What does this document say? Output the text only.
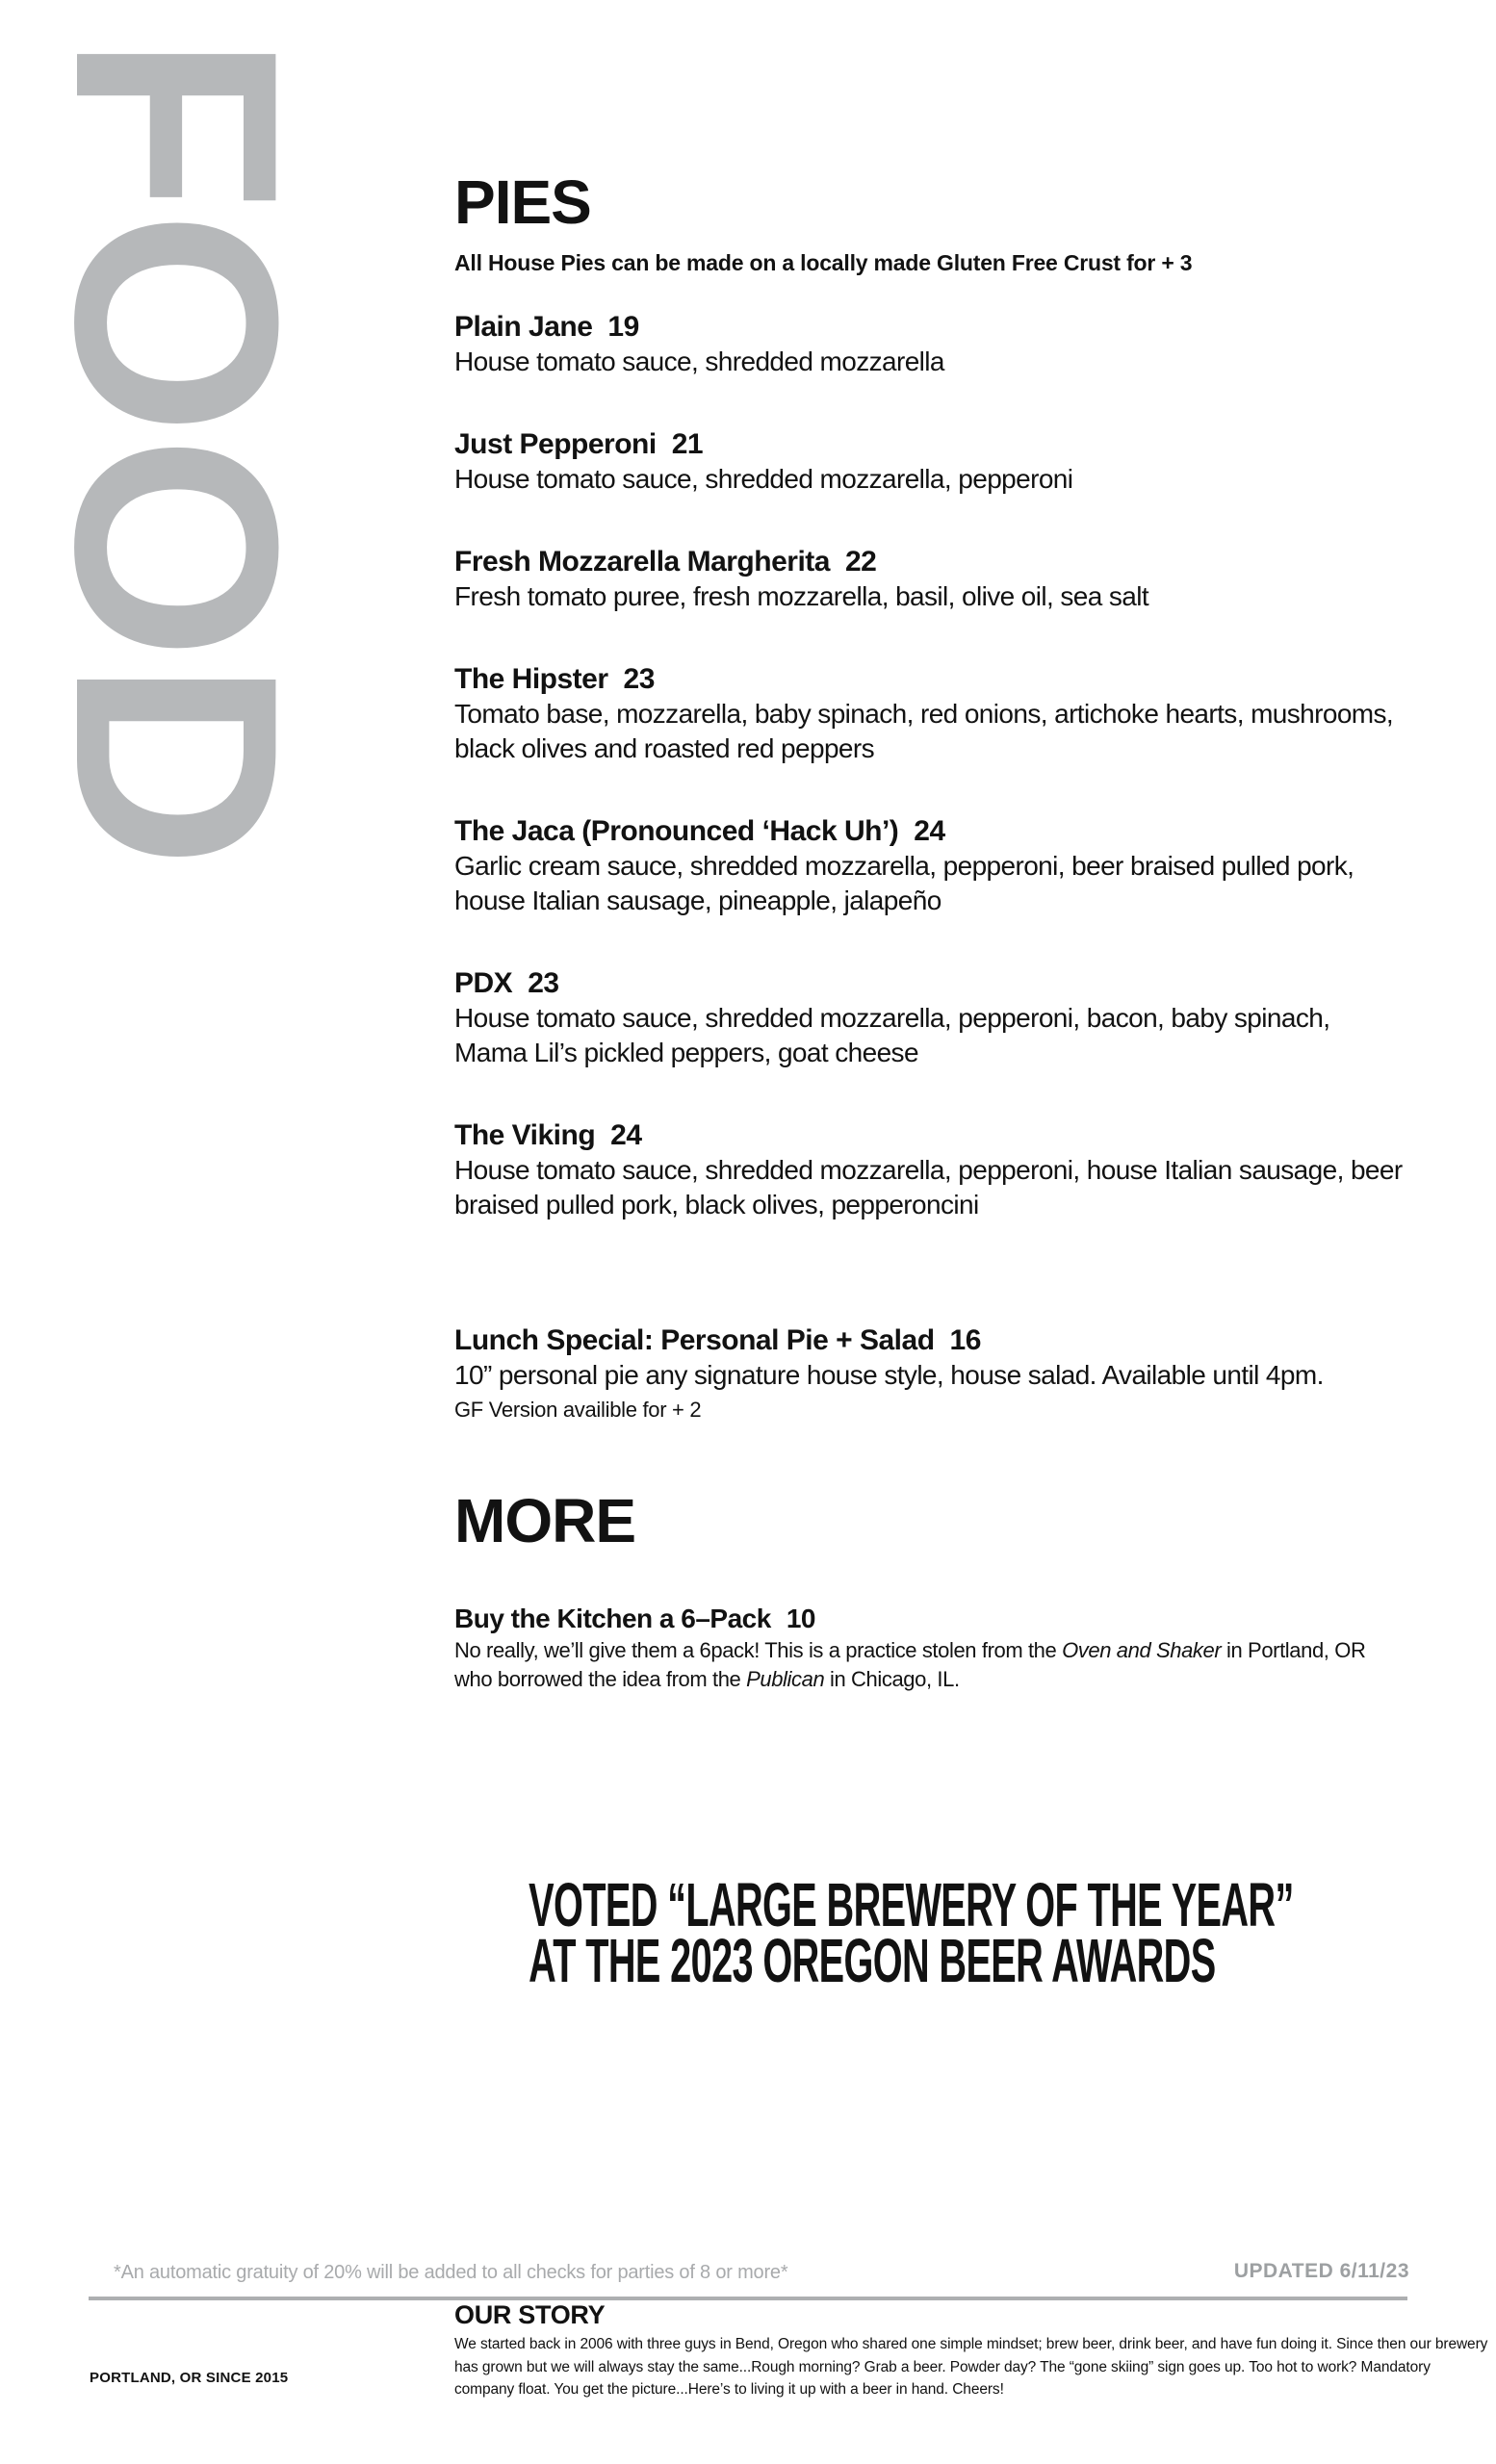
FOOD PIES

All House Pies can be made on a locally made Gluten Free Crust for + 3

Plain Jane 19
House tomato sauce, shredded mozzarella
Just Pepperoni 21
House tomato sauce, shredded mozzarella, pepperoni
Fresh Mozzarella Margherita 22
Fresh tomato puree, fresh mozzarella, basil, olive oil, sea salt
The Hipster 23
Tomato base, mozzarella, baby spinach, red onions, artichoke hearts, mushrooms, black olives and roasted red peppers
The Jaca (Pronounced ‘Hack Uh’) 24
Garlic cream sauce, shredded mozzarella, pepperoni, beer braised pulled pork, house Italian sausage, pineapple, jalapeño
PDX 23
House tomato sauce, shredded mozzarella, pepperoni, bacon, baby spinach, Mama Lil’s pickled peppers, goat cheese
The Viking 24
House tomato sauce, shredded mozzarella, pepperoni, house Italian sausage, beer braised pulled pork, black olives, pepperoncini
Lunch Special: Personal Pie + Salad 16
10” personal pie any signature house style, house salad. Available until 4pm.
GF Version availible for + 2
MORE
Buy the Kitchen a 6–Pack 10
No really, we’ll give them a 6pack! This is a practice stolen from the Oven and Shaker in Portland, OR who borrowed the idea from the Publican in Chicago, IL.
VOTED “LARGE BREWERY OF THE YEAR”
AT THE 2023 OREGON BEER AWARDS
*An automatic gratuity of 20% will be added to all checks for parties of 8 or more*	UPDATED 6/11/23
OUR STORY
We started back in 2006 with three guys in Bend, Oregon who shared one simple mindset; brew beer, drink beer, and have fun doing it. Since then our brewery has grown but we will always stay the same...Rough morning? Grab a beer. Powder day? The “gone skiing” sign goes up. Too hot to work? Mandatory company float. You get the picture...Here’s to living it up with a beer in hand. Cheers!
PORTLAND, OR SINCE 2015
